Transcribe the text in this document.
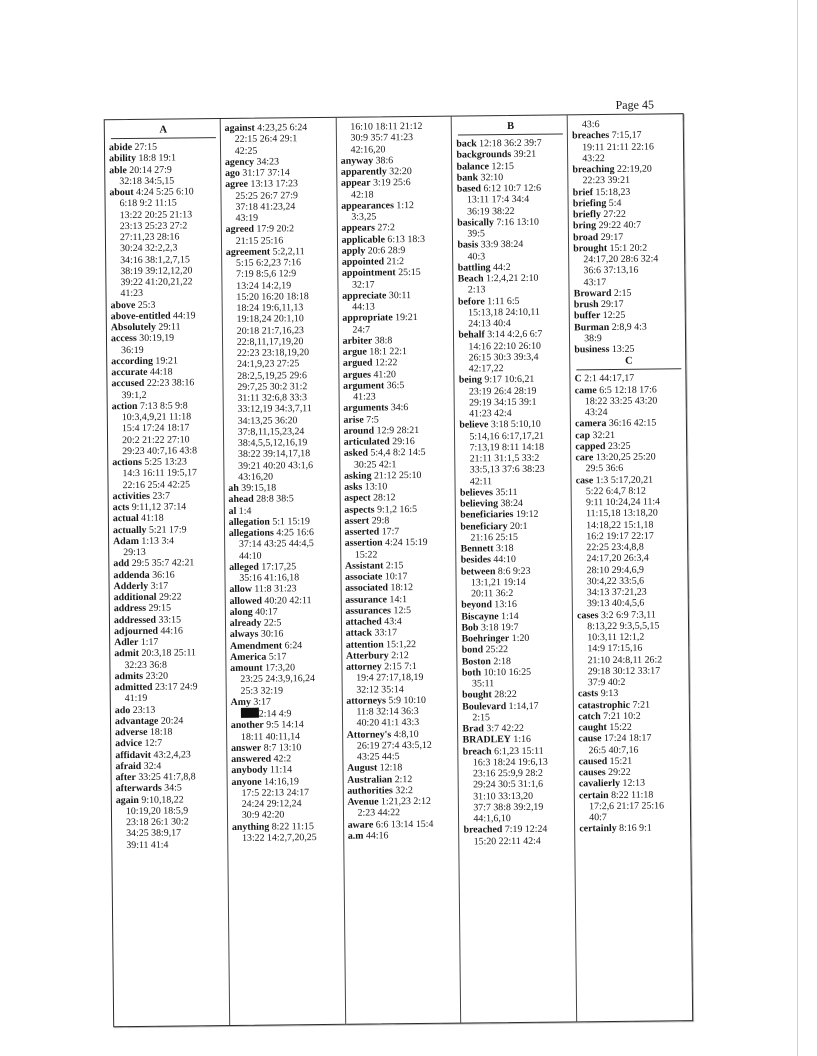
Page 45
A
abide 27:15
ability 18:8 19:1
able 20:14 27:9
32:18 34:5,15
about 4:24 5:25 6:10
6:18 9:2 11:15
13:22 20:25 21:13
23:13 25:23 27:2
27:11,23 28:16
30:24 32:2,2,3
34:16 38:1,2,7,15
38:19 39:12,12,20
39:22 41:20,21,22
41:23
above 25:3
above-entitled 44:19
Absolutely 29:11
access 30:19,19
36:19
according 19:21
accurate 44:18
accused 22:23 38:16
39:1,2
action 7:13 8:5 9:8
10:3,4,9,21 11:18
15:4 17:24 18:17
20:2 21:22 27:10
29:23 40:7,16 43:8
actions 5:25 13:23
14:3 16:11 19:5,17
22:16 25:4 42:25
activities 23:7
acts 9:11,12 37:14
actual 41:18
actually 5:21 17:9
Adam 1:13 3:4
29:13
add 29:5 35:7 42:21
addenda 36:16
Adderly 3:17
additional 29:22
address 29:15
addressed 33:15
adjourned 44:16
Adler 1:17
admit 20:3,18 25:11
32:23 36:8
admits 23:20
admitted 23:17 24:9
41:19
ado 23:13
advantage 20:24
adverse 18:18
advice 12:7
affidavit 43:2,4,23
afraid 32:4
after 33:25 41:7,8,8
afterwards 34:5
again 9:10,18,22
10:19,20 18:5,9
23:18 26:1 30:2
34:25 38:9,17
39:11 41:4
against 4:23,25 6:24
22:15 26:4 29:1
42:25
agency 34:23
ago 31:17 37:14
agree 13:13 17:23
25:25 26:7 27:9
37:18 41:23,24
43:19
agreed 17:9 20:2
21:15 25:16
agreement 5:2,2,11
5:15 6:2,23 7:16
7:19 8:5,6 12:9
13:24 14:2,19
15:20 16:20 18:18
18:24 19:6,11,13
19:18,24 20:1,10
20:18 21:7,16,23
22:8,11,17,19,20
22:23 23:18,19,20
24:1,9,23 27:25
28:2,5,19,25 29:6
29:7,25 30:2 31:2
31:11 32:6,8 33:3
33:12,19 34:3,7,11
34:13,25 36:20
37:8,11,15,23,24
38:4,5,5,12,16,19
38:22 39:14,17,18
39:21 40:20 43:1,6
43:16,20
ah 39:15,18
ahead 28:8 38:5
al 1:4
allegation 5:1 15:19
allegations 4:25 16:6
37:14 43:25 44:4,5
44:10
alleged 17:17,25
35:16 41:16,18
allow 11:8 31:23
allowed 40:20 42:11
along 40:17
already 22:5
always 30:16
Amendment 6:24
America 5:17
amount 17:3,20
23:25 24:3,9,16,24
25:3 32:19
Amy 3:17
2:14 4:9
another 9:5 14:14
18:11 40:11,14
answer 8:7 13:10
answered 42:2
anybody 11:14
anyone 14:16,19
17:5 22:13 24:17
24:24 29:12,24
30:9 42:20
anything 8:22 11:15
13:22 14:2,7,20,25
16:10 18:11 21:12
30:9 35:7 41:23
42:16,20
anyway 38:6
apparently 32:20
appear 3:19 25:6
42:18
appearances 1:12
3:3,25
appears 27:2
applicable 6:13 18:3
apply 20:6 28:9
appointed 21:2
appointment 25:15
32:17
appreciate 30:11
44:13
appropriate 19:21
24:7
arbiter 38:8
argue 18:1 22:1
argued 12:22
argues 41:20
argument 36:5
41:23
arguments 34:6
arise 7:5
around 12:9 28:21
articulated 29:16
asked 5:4,4 8:2 14:5
30:25 42:1
asking 21:12 25:10
asks 13:10
aspect 28:12
aspects 9:1,2 16:5
assert 29:8
asserted 17:7
assertion 4:24 15:19
15:22
Assistant 2:15
associate 10:17
associated 18:12
assurance 14:1
assurances 12:5
attached 43:4
attack 33:17
attention 15:1,22
Atterbury 2:12
attorney 2:15 7:1
19:4 27:17,18,19
32:12 35:14
attorneys 5:9 10:10
11:8 32:14 36:3
40:20 41:1 43:3
Attorney's 4:8,10
26:19 27:4 43:5,12
43:25 44:5
August 12:18
Australian 2:12
authorities 32:2
Avenue 1:21,23 2:12
2:23 44:22
aware 6:6 13:14 15:4
a.m 44:16
B
back 12:18 36:2 39:7
backgrounds 39:21
balance 12:15
bank 32:10
based 6:12 10:7 12:6
13:11 17:4 34:4
36:19 38:22
basically 7:16 13:10
39:5
basis 33:9 38:24
40:3
battling 44:2
Beach 1:2,4,21 2:10
2:13
before 1:11 6:5
15:13,18 24:10,11
24:13 40:4
behalf 3:14 4:2,6 6:7
14:16 22:10 26:10
26:15 30:3 39:3,4
42:17,22
being 9:17 10:6,21
23:19 26:4 28:19
29:19 34:15 39:1
41:23 42:4
believe 3:18 5:10,10
5:14,16 6:17,17,21
7:13,19 8:11 14:18
21:11 31:1,5 33:2
33:5,13 37:6 38:23
42:11
believes 35:11
believing 38:24
beneficiaries 19:12
beneficiary 20:1
21:16 25:15
Bennett 3:18
besides 44:10
between 8:6 9:23
13:1,21 19:14
20:11 36:2
beyond 13:16
Biscayne 1:14
Bob 3:18 19:7
Boehringer 1:20
bond 25:22
Boston 2:18
both 10:10 16:25
35:11
bought 28:22
Boulevard 1:14,17
2:15
Brad 3:7 42:22
BRADLEY 1:16
breach 6:1,23 15:11
16:3 18:24 19:6,13
23:16 25:9,9 28:2
29:24 30:5 31:1,6
31:10 33:13,20
37:7 38:8 39:2,19
44:1,6,10
breached 7:19 12:24
15:20 22:11 42:4
43:6
breaches 7:15,17
19:11 21:11 22:16
43:22
breaching 22:19,20
22:23 39:21
brief 15:18,23
briefing 5:4
briefly 27:22
bring 29:22 40:7
broad 29:17
brought 15:1 20:2
24:17,20 28:6 32:4
36:6 37:13,16
43:17
Broward 2:15
brush 29:17
buffer 12:25
Burman 2:8,9 4:3
38:9
business 13:25
C
C 2:1 44:17,17
came 6:5 12:18 17:6
18:22 33:25 43:20
43:24
camera 36:16 42:15
cap 32:21
capped 23:25
care 13:20,25 25:20
29:5 36:6
case 1:3 5:17,20,21
5:22 6:4,7 8:12
9:11 10:24,24 11:4
11:15,18 13:18,20
14:18,22 15:1,18
16:2 19:17 22:17
22:25 23:4,8,8
24:17,20 26:3,4
28:10 29:4,6,9
30:4,22 33:5,6
34:13 37:21,23
39:13 40:4,5,6
cases 3:2 6:9 7:3,11
8:13,22 9:3,5,5,15
10:3,11 12:1,2
14:9 17:15,16
21:10 24:8,11 26:2
29:18 30:12 33:17
37:9 40:2
casts 9:13
catastrophic 7:21
catch 7:21 10:2
caught 15:22
cause 17:24 18:17
26:5 40:7,16
caused 15:21
causes 29:22
cavalierly 12:13
certain 8:22 11:18
17:2,6 21:17 25:16
40:7
certainly 8:16 9:1
